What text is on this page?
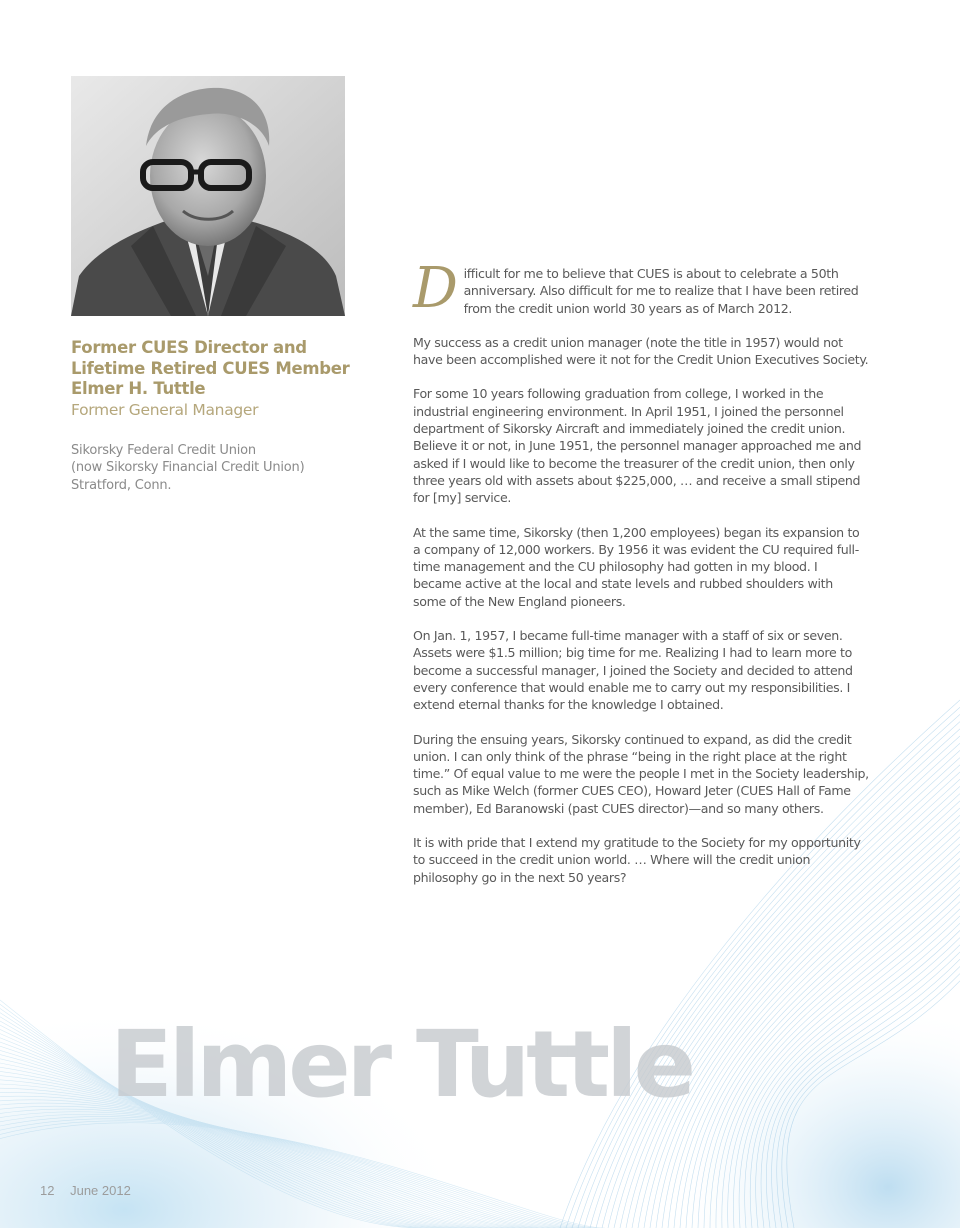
Former CUES Director and
Lifetime Retired CUES Member
Elmer H. Tuttle
Former General Manager
Sikorsky Federal Credit Union
(now Sikorsky Financial Credit Union)
Stratford, Conn.

D ifficult for me to believe that CUES is about to celebrate a 50th anniversary. Also difficult for me to realize that I have been retired from the credit union world 30 years as of March 2012.

My success as a credit union manager (note the title in 1957) would not have been accomplished were it not for the Credit Union Executives Society.

For some 10 years following graduation from college, I worked in the industrial engineering environment. In April 1951, I joined the personnel department of Sikorsky Aircraft and immediately joined the credit union. Believe it or not, in June 1951, the personnel manager approached me and asked if I would like to become the treasurer of the credit union, then only three years old with assets about $225,000, … and receive a small stipend for [my] service.

At the same time, Sikorsky (then 1,200 employees) began its expansion to a company of 12,000 workers. By 1956 it was evident the CU required full-time management and the CU philosophy had gotten in my blood. I became active at the local and state levels and rubbed shoulders with some of the New England pioneers.

On Jan. 1, 1957, I became full-time manager with a staff of six or seven. Assets were $1.5 million; big time for me. Realizing I had to learn more to become a successful manager, I joined the Society and decided to attend every conference that would enable me to carry out my responsibilities. I extend eternal thanks for the knowledge I obtained.

During the ensuing years, Sikorsky continued to expand, as did the credit union. I can only think of the phrase “being in the right place at the right time.” Of equal value to me were the people I met in the Society leadership, such as Mike Welch (former CUES CEO), Howard Jeter (CUES Hall of Fame member), Ed Baranowski (past CUES director)—and so many others.

It is with pride that I extend my gratitude to the Society for my opportunity to succeed in the credit union world. … Where will the credit union philosophy go in the next 50 years?

Elmer Tuttle
12 June 2012
